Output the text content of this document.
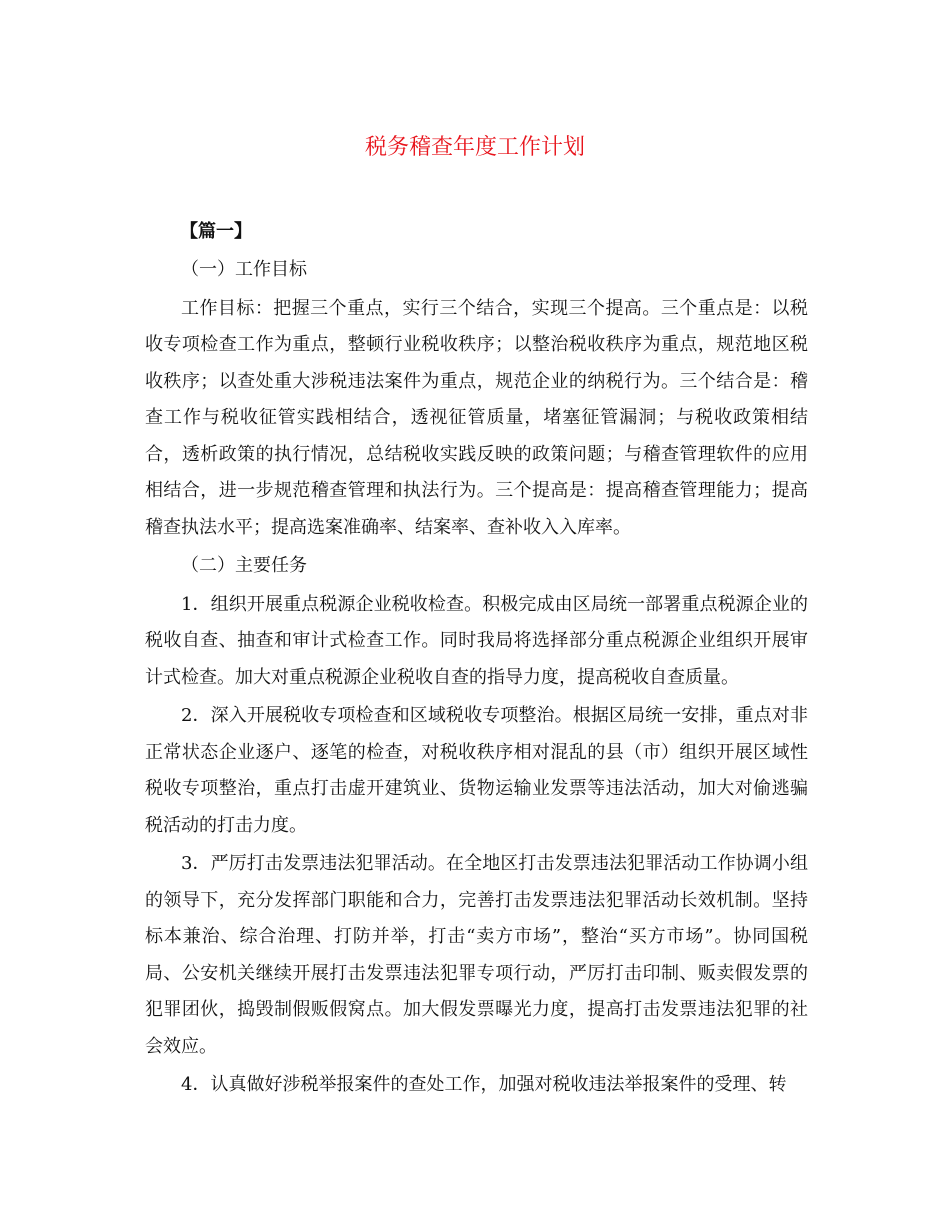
税务稽查年度工作计划
【篇一】

（一）工作目标

工作目标：把握三个重点，实行三个结合，实现三个提高。三个重点是：以税收专项检查工作为重点，整顿行业税收秩序；以整治税收秩序为重点，规范地区税收秩序；以查处重大涉税违法案件为重点，规范企业的纳税行为。三个结合是：稽查工作与税收征管实践相结合，透视征管质量，堵塞征管漏洞；与税收政策相结合，透析政策的执行情况，总结税收实践反映的政策问题；与稽查管理软件的应用相结合，进一步规范稽查管理和执法行为。三个提高是：提高稽查管理能力；提高稽查执法水平；提高选案准确率、结案率、查补收入入库率。

（二）主要任务

1．组织开展重点税源企业税收检查。积极完成由区局统一部署重点税源企业的税收自查、抽查和审计式检查工作。同时我局将选择部分重点税源企业组织开展审计式检查。加大对重点税源企业税收自查的指导力度，提高税收自查质量。

2．深入开展税收专项检查和区域税收专项整治。根据区局统一安排，重点对非正常状态企业逐户、逐笔的检查，对税收秩序相对混乱的县（市）组织开展区域性税收专项整治，重点打击虚开建筑业、货物运输业发票等违法活动，加大对偷逃骗税活动的打击力度。

3．严厉打击发票违法犯罪活动。在全地区打击发票违法犯罪活动工作协调小组的领导下，充分发挥部门职能和合力，完善打击发票违法犯罪活动长效机制。坚持标本兼治、综合治理、打防并举，打击“卖方市场”，整治“买方市场”。协同国税局、公安机关继续开展打击发票违法犯罪专项行动，严厉打击印制、贩卖假发票的犯罪团伙，捣毁制假贩假窝点。加大假发票曝光力度，提高打击发票违法犯罪的社会效应。

4．认真做好涉税举报案件的查处工作，加强对税收违法举报案件的受理、转
